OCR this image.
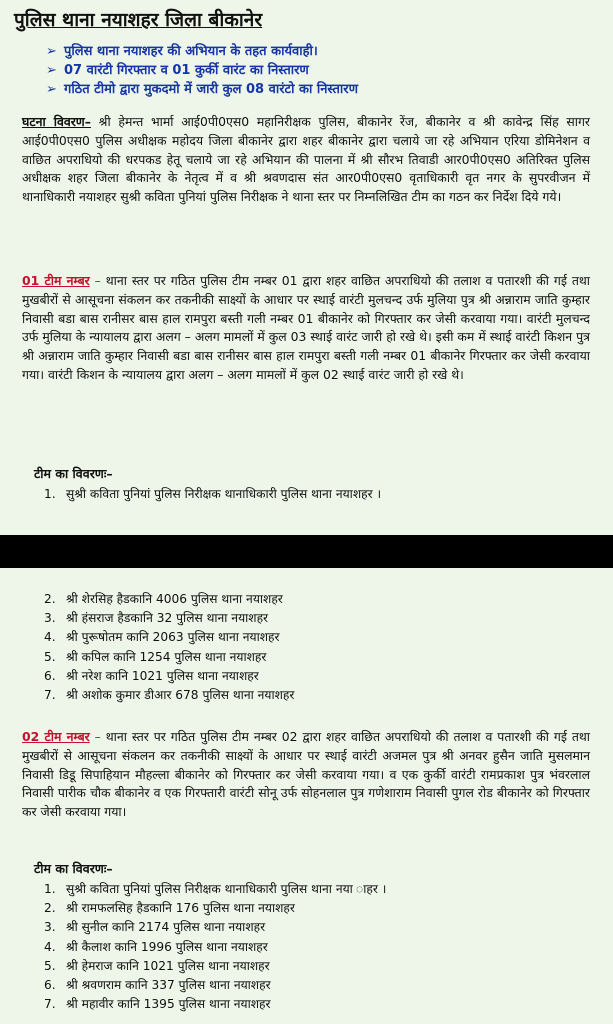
पुलिस थाना नयाशहर जिला बीकानेर
➢ पुलिस थाना नयाशहर की अभियान के तहत कार्यवाही।
➢ 07 वारंटी गिरफ्तार व 01 कुर्की वारंट का निस्तारण
➢ गठित टीमो द्वारा मुकदमो में जारी कुल 08 वारंटो का निस्तारण

घटना विवरण– श्री हेमन्त भार्मा आई0पी0एस0 महानिरीक्षक पुलिस, बीकानेर रेंज, बीकानेर व श्री कावेन्द्र सिंह सागर आई0पी0एस0 पुलिस अधीक्षक महोदय जिला बीकानेर द्वारा शहर बीकानेर द्वारा चलाये जा रहे अभियान एरिया डोमिनेशन व वाछित अपराधियो की धरपकड हेतू चलाये जा रहे अभियान की पालना में श्री सौरभ तिवाडी आर0पी0एस0 अतिरिक्त पुलिस अधीक्षक शहर जिला बीकानेर के नेतृत्व में व श्री श्रवणदास संत आर0पी0एस0 वृताधिकारी वृत नगर के सुपरवीजन में थानाधिकारी नयाशहर सुश्री कविता पुनियां पुलिस निरीक्षक ने थाना स्तर पर निम्नलिखित टीम का गठन कर निर्देश दिये गये।

01 टीम नम्बर – थाना स्तर पर गठित पुलिस टीम नम्बर 01 द्वारा शहर वाछित अपराधियो की तलाश व पतारशी की गई तथा मुखबीरों से आसूचना संकलन कर तकनीकी साक्ष्यों के आधार पर स्थाई वारंटी मुलचन्द उर्फ मुलिया पुत्र श्री अन्नाराम जाति कुम्हार निवासी बडा बास रानीसर बास हाल रामपुरा बस्ती गली नम्बर 01 बीकानेर को गिरफ्तार कर जेसी करवाया गया। वारंटी मुलचन्द उर्फ मुलिया के न्यायालय द्वारा अलग – अलग मामलों में कुल 03 स्थाई वारंट जारी हो रखे थे। इसी कम में स्थाई वारंटी किशन पुत्र श्री अन्नाराम जाति कुम्हार निवासी बडा बास रानीसर बास हाल रामपुरा बस्ती गली नम्बर 01 बीकानेर गिरफ्तार कर जेसी करवाया गया। वारंटी किशन के न्यायालय द्वारा अलग – अलग मामलों में कुल 02 स्थाई वारंट जारी हो रखे थे।

टीम का विवरणः–
1. सुश्री कविता पुनियां पुलिस निरीक्षक थानाधिकारी पुलिस थाना नयाशहर ।
2. श्री शेरसिह हैडकानि 4006 पुलिस थाना नयाशहर
3. श्री हंसराज हैडकानि 32 पुलिस थाना नयाशहर
4. श्री पुरूषोतम कानि 2063 पुलिस थाना नयाशहर
5. श्री कपिल कानि 1254 पुलिस थाना नयाशहर
6. श्री नरेश कानि 1021 पुलिस थाना नयाशहर
7. श्री अशोक कुमार डीआर 678 पुलिस थाना नयाशहर

02 टीम नम्बर – थाना स्तर पर गठित पुलिस टीम नम्बर 02 द्वारा शहर वाछित अपराधियो की तलाश व पतारशी की गई तथा मुखबीरों से आसूचना संकलन कर तकनीकी साक्ष्यों के आधार पर स्थाई वारंटी अजमल पुत्र श्री अनवर हुसैन जाति मुसलमान निवासी डिडू सिपाहियान मौहल्ला बीकानेर को गिरफ्तार कर जेसी करवाया गया। व एक कुर्की वारंटी रामप्रकाश पुत्र भंवरलाल निवासी पारीक चौक बीकानेर व एक गिरफ्तारी वारंटी सोनू उर्फ सोहनलाल पुत्र गणेशाराम निवासी पुगल रोड बीकानेर को गिरफ्तार कर जेसी करवाया गया।

टीम का विवरणः–
1. सुश्री कविता पुनियां पुलिस निरीक्षक थानाधिकारी पुलिस थाना नया ाहर ।
2. श्री रामफलसिह हैडकानि 176 पुलिस थाना नयाशहर
3. श्री सुनील कानि 2174 पुलिस थाना नयाशहर
4. श्री कैलाश कानि 1996 पुलिस थाना नयाशहर
5. श्री हेमराज कानि 1021 पुलिस थाना नयाशहर
6. श्री श्रवणराम कानि 337 पुलिस थाना नयाशहर
7. श्री महावीर कानि 1395 पुलिस थाना नयाशहर
